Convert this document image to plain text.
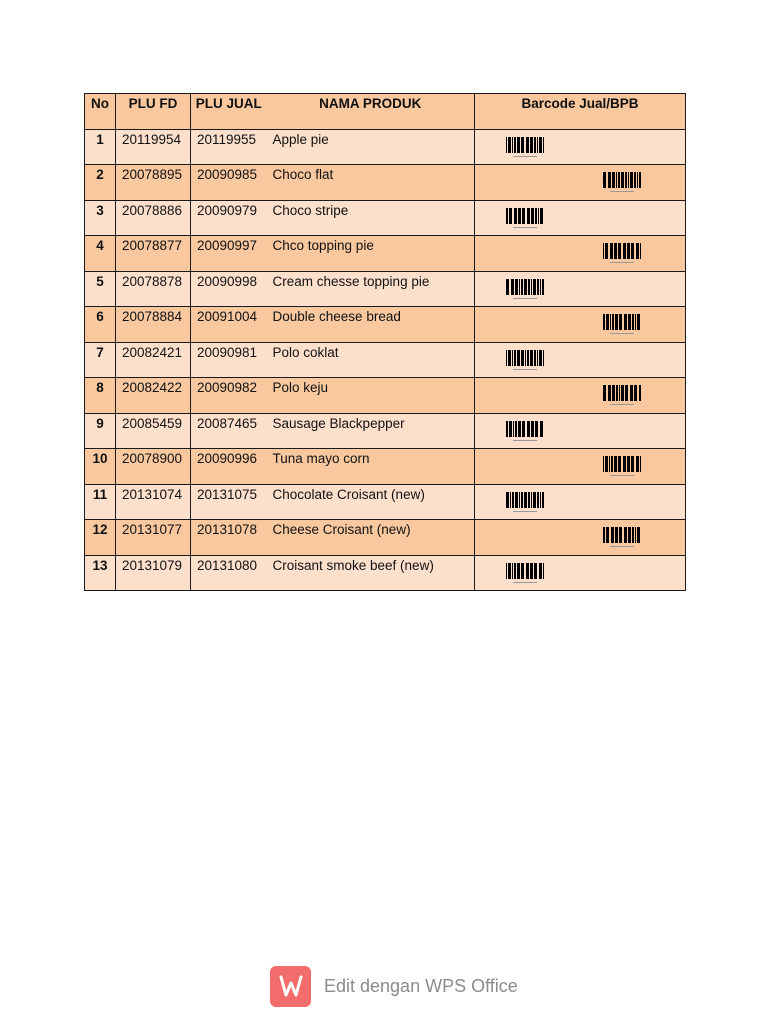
No	PLU FD	PLU JUAL	NAMA PRODUK	Barcode Jual/BPB
1	20119954	20119955	Apple pie	

2	20078895	20090985	Choco flat	

3	20078886	20090979	Choco stripe	

4	20078877	20090997	Chco topping pie	

5	20078878	20090998	Cream chesse topping pie	

6	20078884	20091004	Double cheese bread	

7	20082421	20090981	Polo coklat	

8	20082422	20090982	Polo keju	

9	20085459	20087465	Sausage Blackpepper	

10	20078900	20090996	Tuna mayo corn	

11	20131074	20131075	Chocolate Croisant (new)	

12	20131077	20131078	Cheese Croisant (new)	

13	20131079	20131080	Croisant smoke beef (new)	
Edit dengan WPS Office
